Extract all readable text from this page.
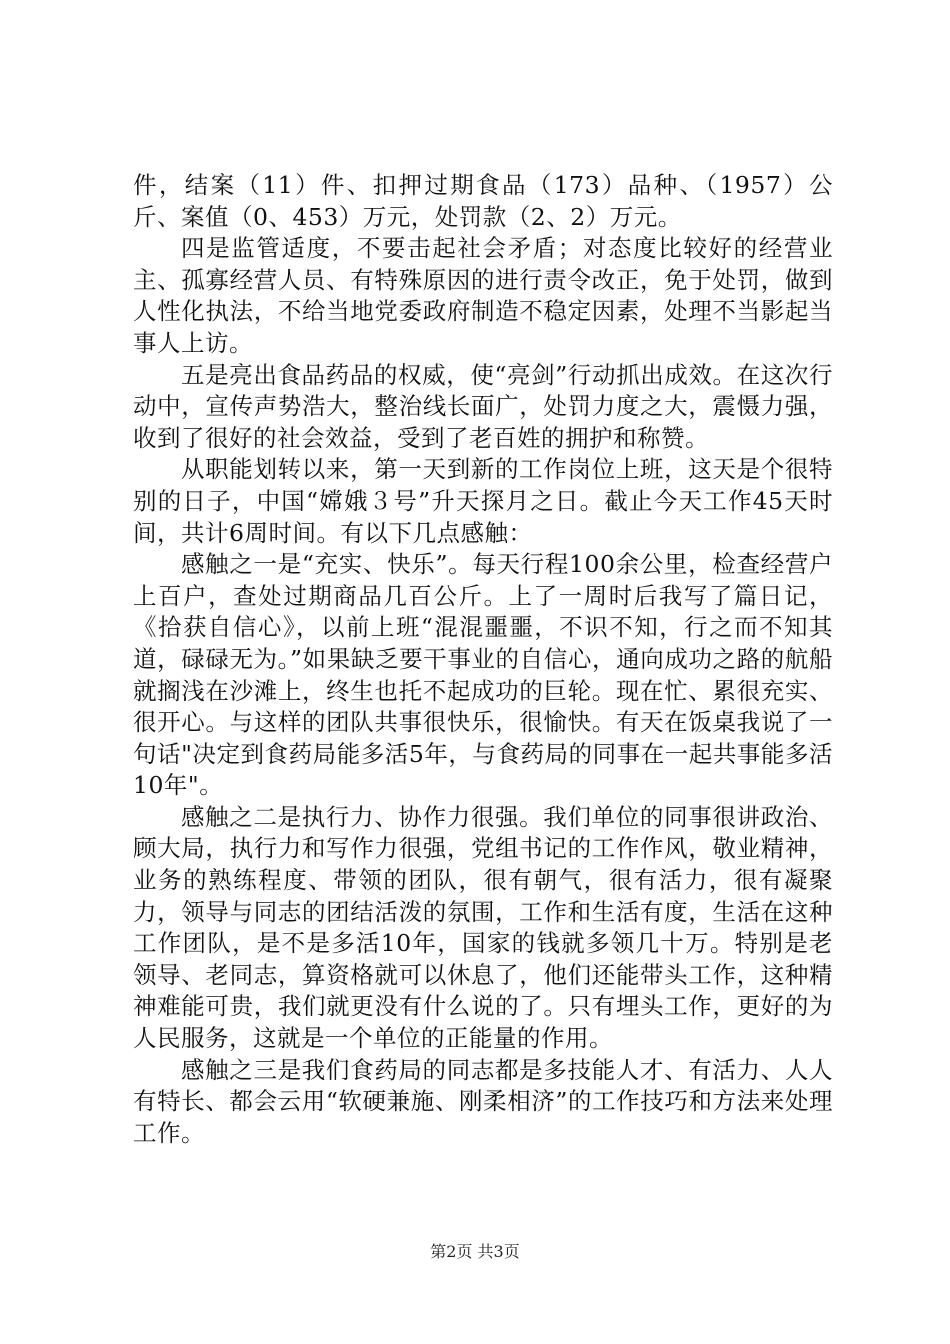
件，结案（11）件、扣押过期食品（173）品种、（1957）公斤、案值（0、453）万元，处罚款（2、2）万元。

四是监管适度，不要击起社会矛盾；对态度比较好的经营业主、孤寡经营人员、有特殊原因的进行责令改正，免于处罚，做到人性化执法，不给当地党委政府制造不稳定因素，处理不当影起当事人上访。

五是亮出食品药品的权威，使“亮剑”行动抓出成效。在这次行动中，宣传声势浩大，整治线长面广，处罚力度之大，震慑力强，收到了很好的社会效益，受到了老百姓的拥护和称赞。

从职能划转以来，第一天到新的工作岗位上班，这天是个很特别的日子，中国“嫦娥３号”升天探月之日。截止今天工作45天时间，共计6周时间。有以下几点感触：

感触之一是“充实、快乐”。每天行程100余公里，检查经营户上百户，查处过期商品几百公斤。上了一周时后我写了篇日记，《拾获自信心》，以前上班“混混噩噩，不识不知，行之而不知其道，碌碌无为。”如果缺乏要干事业的自信心，通向成功之路的航船就搁浅在沙滩上，终生也托不起成功的巨轮。现在忙、累很充实、很开心。与这样的团队共事很快乐，很愉快。有天在饭桌我说了一句话"决定到食药局能多活5年，与食药局的同事在一起共事能多活10年"。

感触之二是执行力、协作力很强。我们单位的同事很讲政治、顾大局，执行力和写作力很强，党组书记的工作作风，敬业精神，业务的熟练程度、带领的团队，很有朝气，很有活力，很有凝聚力，领导与同志的团结活泼的氛围，工作和生活有度，生活在这种工作团队，是不是多活10年，国家的钱就多领几十万。特别是老领导、老同志，算资格就可以休息了，他们还能带头工作，这种精神难能可贵，我们就更没有什么说的了。只有埋头工作，更好的为人民服务，这就是一个单位的正能量的作用。

感触之三是我们食药局的同志都是多技能人才、有活力、人人有特长、都会云用“软硬兼施、刚柔相济”的工作技巧和方法来处理工作。

第2页 共3页
